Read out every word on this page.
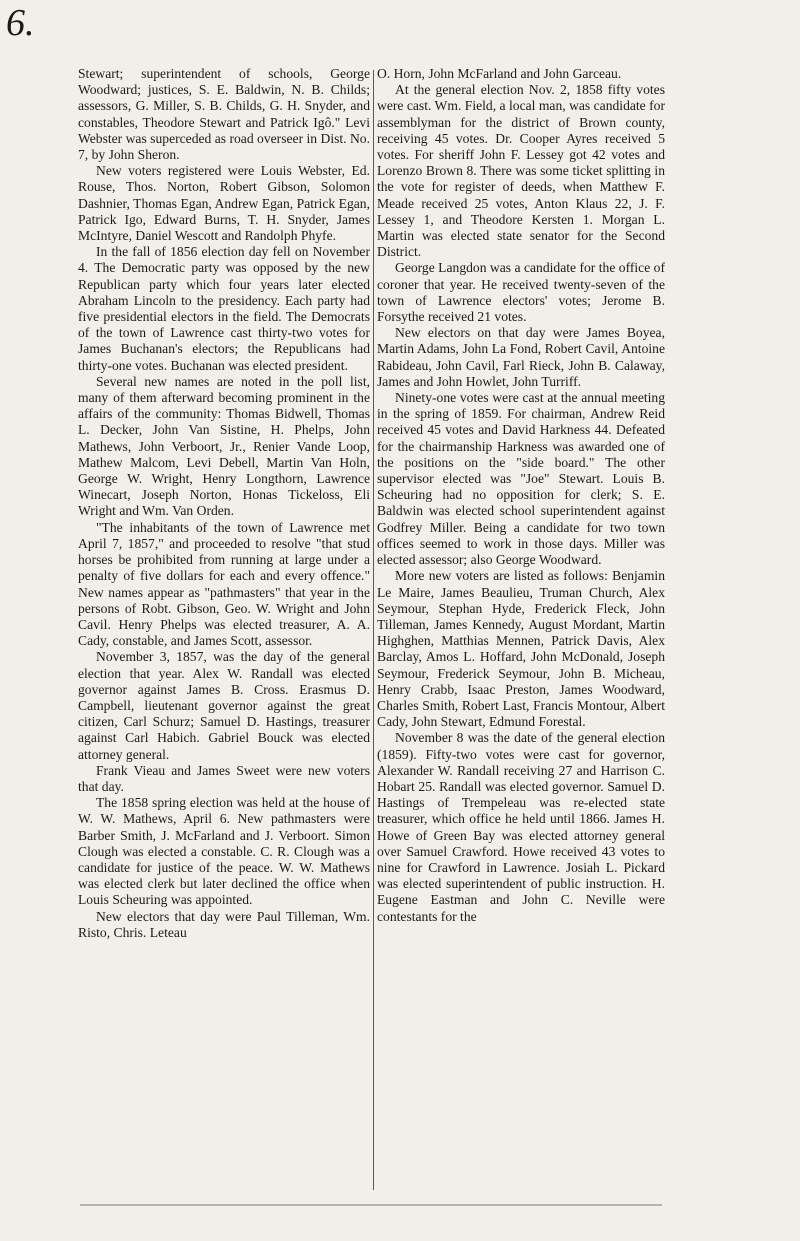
6.

Stewart; superintendent of schools, George Woodward; justices, S. E. Baldwin, N. B. Childs; assessors, G. Miller, S. B. Childs, G. H. Snyder, and constables, Theodore Stewart and Patrick Igô." Levi Webster was superceded as road overseer in Dist. No. 7, by John Sheron.

New voters registered were Louis Webster, Ed. Rouse, Thos. Norton, Robert Gibson, Solomon Dashnier, Thomas Egan, Andrew Egan, Patrick Egan, Patrick Igo, Edward Burns, T. H. Snyder, James McIntyre, Daniel Wescott and Randolph Phyfe.

In the fall of 1856 election day fell on November 4. The Democratic party was opposed by the new Republican party which four years later elected Abraham Lincoln to the presidency. Each party had five presidential electors in the field. The Democrats of the town of Lawrence cast thirty-two votes for James Buchanan's electors; the Republicans had thirty-one votes. Buchanan was elected president.

Several new names are noted in the poll list, many of them afterward becoming prominent in the affairs of the community: Thomas Bidwell, Thomas L. Decker, John Van Sistine, H. Phelps, John Mathews, John Verboort, Jr., Renier Vande Loop, Mathew Malcom, Levi Debell, Martin Van Holn, George W. Wright, Henry Longthorn, Lawrence Winecart, Joseph Norton, Honas Tickeloss, Eli Wright and Wm. Van Orden.

"The inhabitants of the town of Lawrence met April 7, 1857," and proceeded to resolve "that stud horses be prohibited from running at large under a penalty of five dollars for each and every offence." New names appear as "pathmasters" that year in the persons of Robt. Gibson, Geo. W. Wright and John Cavil. Henry Phelps was elected treasurer, A. A. Cady, constable, and James Scott, assessor.

November 3, 1857, was the day of the general election that year. Alex W. Randall was elected governor against James B. Cross. Erasmus D. Campbell, lieutenant governor against the great citizen, Carl Schurz; Samuel D. Hastings, treasurer against Carl Habich. Gabriel Bouck was elected attorney general.

Frank Vieau and James Sweet were new voters that day.

The 1858 spring election was held at the house of W. W. Mathews, April 6. New pathmasters were Barber Smith, J. McFarland and J. Verboort. Simon Clough was elected a constable. C. R. Clough was a candidate for justice of the peace. W. W. Mathews was elected clerk but later declined the office when Louis Scheuring was appointed.

New electors that day were Paul Tilleman, Wm. Risto, Chris. Leteau

O. Horn, John McFarland and John Garceau.

At the general election Nov. 2, 1858 fifty votes were cast. Wm. Field, a local man, was candidate for assemblyman for the district of Brown county, receiving 45 votes. Dr. Cooper Ayres received 5 votes. For sheriff John F. Lessey got 42 votes and Lorenzo Brown 8. There was some ticket splitting in the vote for register of deeds, when Matthew F. Meade received 25 votes, Anton Klaus 22, J. F. Lessey 1, and Theodore Kersten 1. Morgan L. Martin was elected state senator for the Second District.

George Langdon was a candidate for the office of coroner that year. He received twenty-seven of the town of Lawrence electors' votes; Jerome B. Forsythe received 21 votes.

New electors on that day were James Boyea, Martin Adams, John La Fond, Robert Cavil, Antoine Rabideau, John Cavil, Farl Rieck, John B. Calaway, James and John Howlet, John Turriff.

Ninety-one votes were cast at the annual meeting in the spring of 1859. For chairman, Andrew Reid received 45 votes and David Harkness 44. Defeated for the chairmanship Harkness was awarded one of the positions on the "side board." The other supervisor elected was "Joe" Stewart. Louis B. Scheuring had no opposition for clerk; S. E. Baldwin was elected school superintendent against Godfrey Miller. Being a candidate for two town offices seemed to work in those days. Miller was elected assessor; also George Woodward.

More new voters are listed as follows: Benjamin Le Maire, James Beaulieu, Truman Church, Alex Seymour, Stephan Hyde, Frederick Fleck, John Tilleman, James Kennedy, August Mordant, Martin Highghen, Matthias Mennen, Patrick Davis, Alex Barclay, Amos L. Hoffard, John McDonald, Joseph Seymour, Frederick Seymour, John B. Micheau, Henry Crabb, Isaac Preston, James Woodward, Charles Smith, Robert Last, Francis Montour, Albert Cady, John Stewart, Edmund Forestal.

November 8 was the date of the general election (1859). Fifty-two votes were cast for governor, Alexander W. Randall receiving 27 and Harrison C. Hobart 25. Randall was elected governor. Samuel D. Hastings of Trempeleau was re-elected state treasurer, which office he held until 1866. James H. Howe of Green Bay was elected attorney general over Samuel Crawford. Howe received 43 votes to nine for Crawford in Lawrence. Josiah L. Pickard was elected superintendent of public instruction. H. Eugene Eastman and John C. Neville were contestants for the
